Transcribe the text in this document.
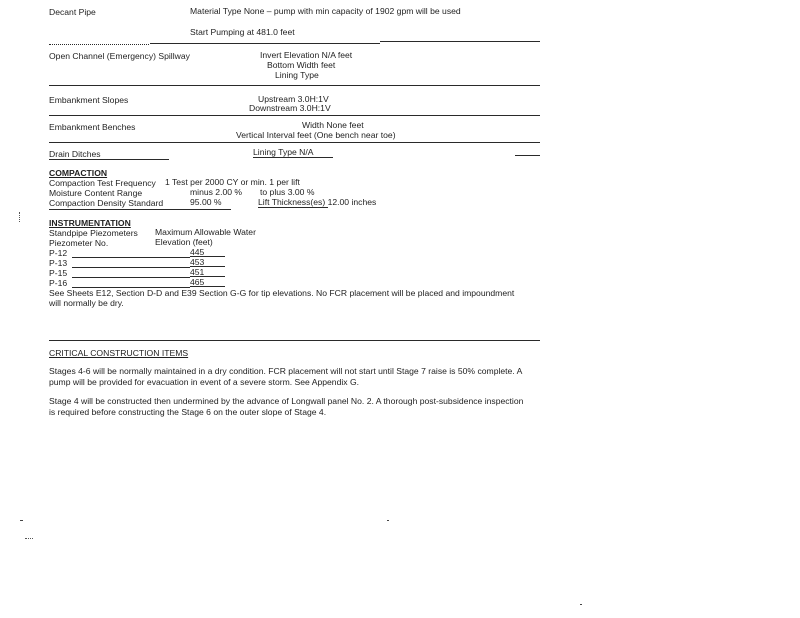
Decant Pipe	Material Type None – pump with min capacity of 1902 gpm will be used
Start Pumping at 481.0 feet
Open Channel (Emergency) Spillway	Invert Elevation N/A feet
Bottom Width feet
Lining Type
Embankment Slopes	Upstream 3.0H:1V
Downstream 3.0H:1V
Embankment Benches	Width None feet
Vertical Interval feet (One bench near toe)
Drain Ditches	Lining Type N/A
COMPACTION
Compaction Test Frequency 1 Test per 2000 CY or min. 1 per lift
Moisture Content Range	minus 2.00 % to plus 3.00 %
Compaction Density Standard	95.00 %	Lift Thickness(es) 12.00 inches
INSTRUMENTATION
Standpipe Piezometers Maximum Allowable Water
Piezometer No.	Elevation (feet)
P-12	445
P-13	453
P-15	451
P-16	465
See Sheets E12, Section D-D and E39 Section G-G for tip elevations. No FCR placement will be placed and impoundment
will normally be dry.
CRITICAL CONSTRUCTION ITEMS
Stages 4-6 will be normally maintained in a dry condition. FCR placement will not start until Stage 7 raise is 50% complete. A
pump will be provided for evacuation in event of a severe storm. See Appendix G.
Stage 4 will be constructed then undermined by the advance of Longwall panel No. 2. A thorough post-subsidence inspection
is required before constructing the Stage 6 on the outer slope of Stage 4.
